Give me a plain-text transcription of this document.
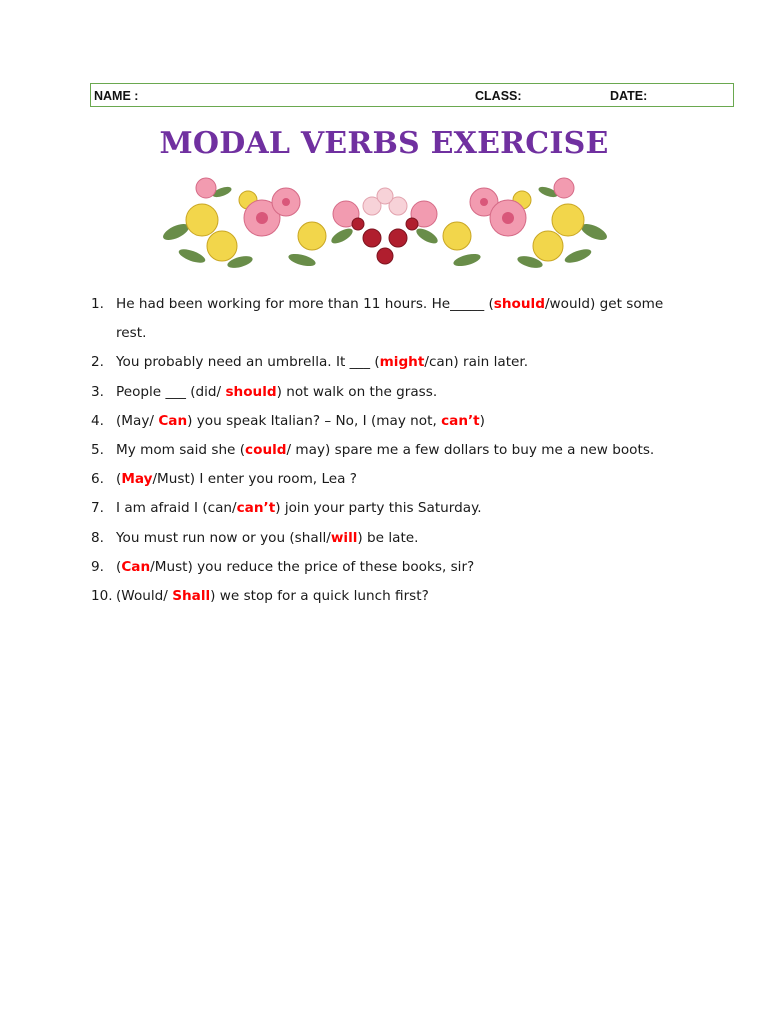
NAME :	CLASS:	DATE:
MODAL VERBS EXERCISE
1. He had been working for more than 11 hours. He_____ (should/would) get some rest.
2. You probably need an umbrella. It ___ (might/can) rain later.
3. People ___ (did/ should) not walk on the grass.
4. (May/ Can) you speak Italian? – No, I (may not, can’t)
5. My mom said she (could/ may) spare me a few dollars to buy me a new boots.
6. (May/Must) I enter you room, Lea ?
7. I am afraid I (can/can’t) join your party this Saturday.
8. You must run now or you (shall/will) be late.
9. (Can/Must) you reduce the price of these books, sir?
10. (Would/ Shall) we stop for a quick lunch first?
